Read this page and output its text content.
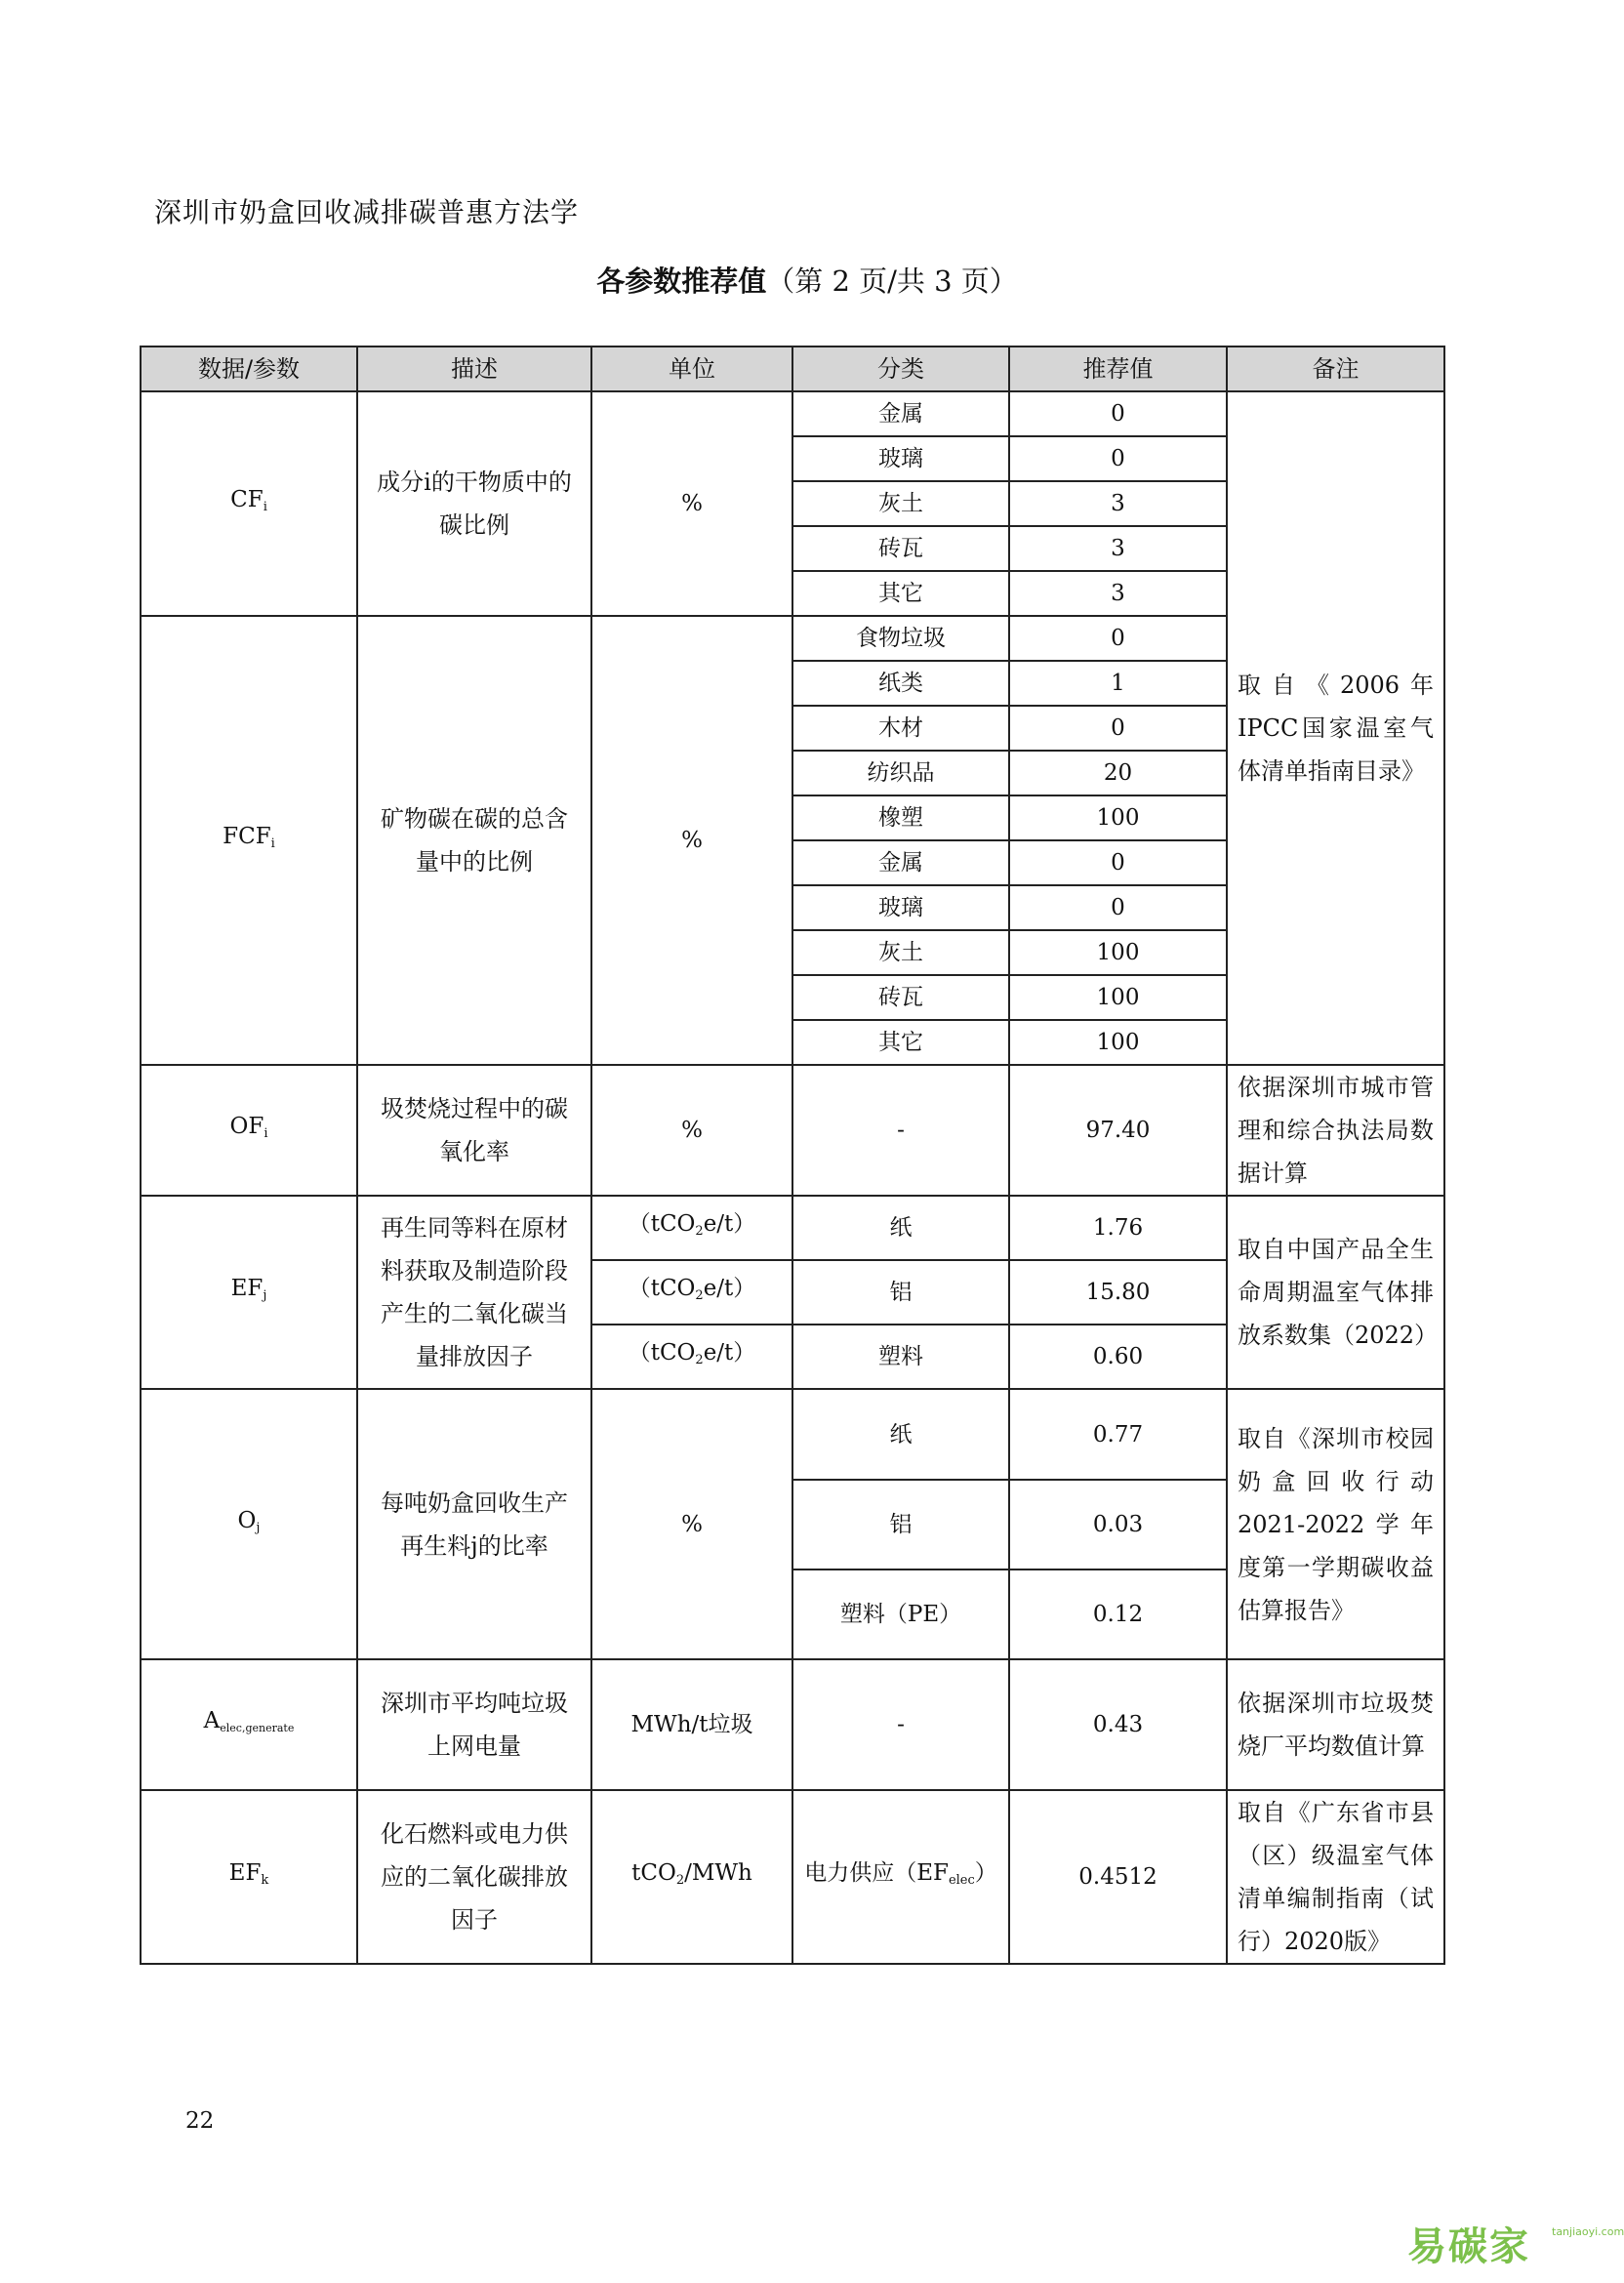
深圳市奶盒回收减排碳普惠方法学
各参数推荐值（第 2 页/共 3 页）
数据/参数	描述	单位	分类	推荐值	备注
$CF_i$	成分i的干物质中的碳比例	%	金属	0	取自《2006年IPCC国家温室气体清单指南目录》

			玻璃	0	
			灰土	3	
			砖瓦	3	
			其它	3	
$FCF_i$	矿物碳在碳的总含量中的比例	%	食物垃圾	0	
			纸类	1	
			木材	0	
			纺织品	20	
			橡塑	100	
			金属	0	
			玻璃	0	
			灰土	100	
			砖瓦	100	
			其它	100	
$OF_i$	圾焚烧过程中的碳氧化率	%	-	97.40	依据深圳市城市管理和综合执法局数据计算

$EF_j$	再生同等料在原材料获取及制造阶段产生的二氧化碳当量排放因子	（tCO$_2$e/t）	纸	1.76	取自中国产品全生命周期温室气体排放系数集（2022）

		（tCO$_2$e/t）	铝	15.80	
		（tCO$_2$e/t）	塑料	0.60	
$O_j$	每吨奶盒回收生产再生料j的比率	%	纸	0.77	取自《深圳市校园奶盒回收行动2021-2022学年度第一学期碳收益估算报告》

			铝	0.03	
			塑料（PE）	0.12	
$A_{elec,generate}$	深圳市平均吨垃圾上网电量	MWh/t垃圾	-	0.43	依据深圳市垃圾焚烧厂平均数值计算

$EF_k$	化石燃料或电力供应的二氧化碳排放因子	tCO$_2$/MWh	电力供应$(EF_{elec})$	0.4512	取自《广东省市县（区）级温室气体清单编制指南（试行）2020版》
22
易碳家 tanjiaoyi.com
